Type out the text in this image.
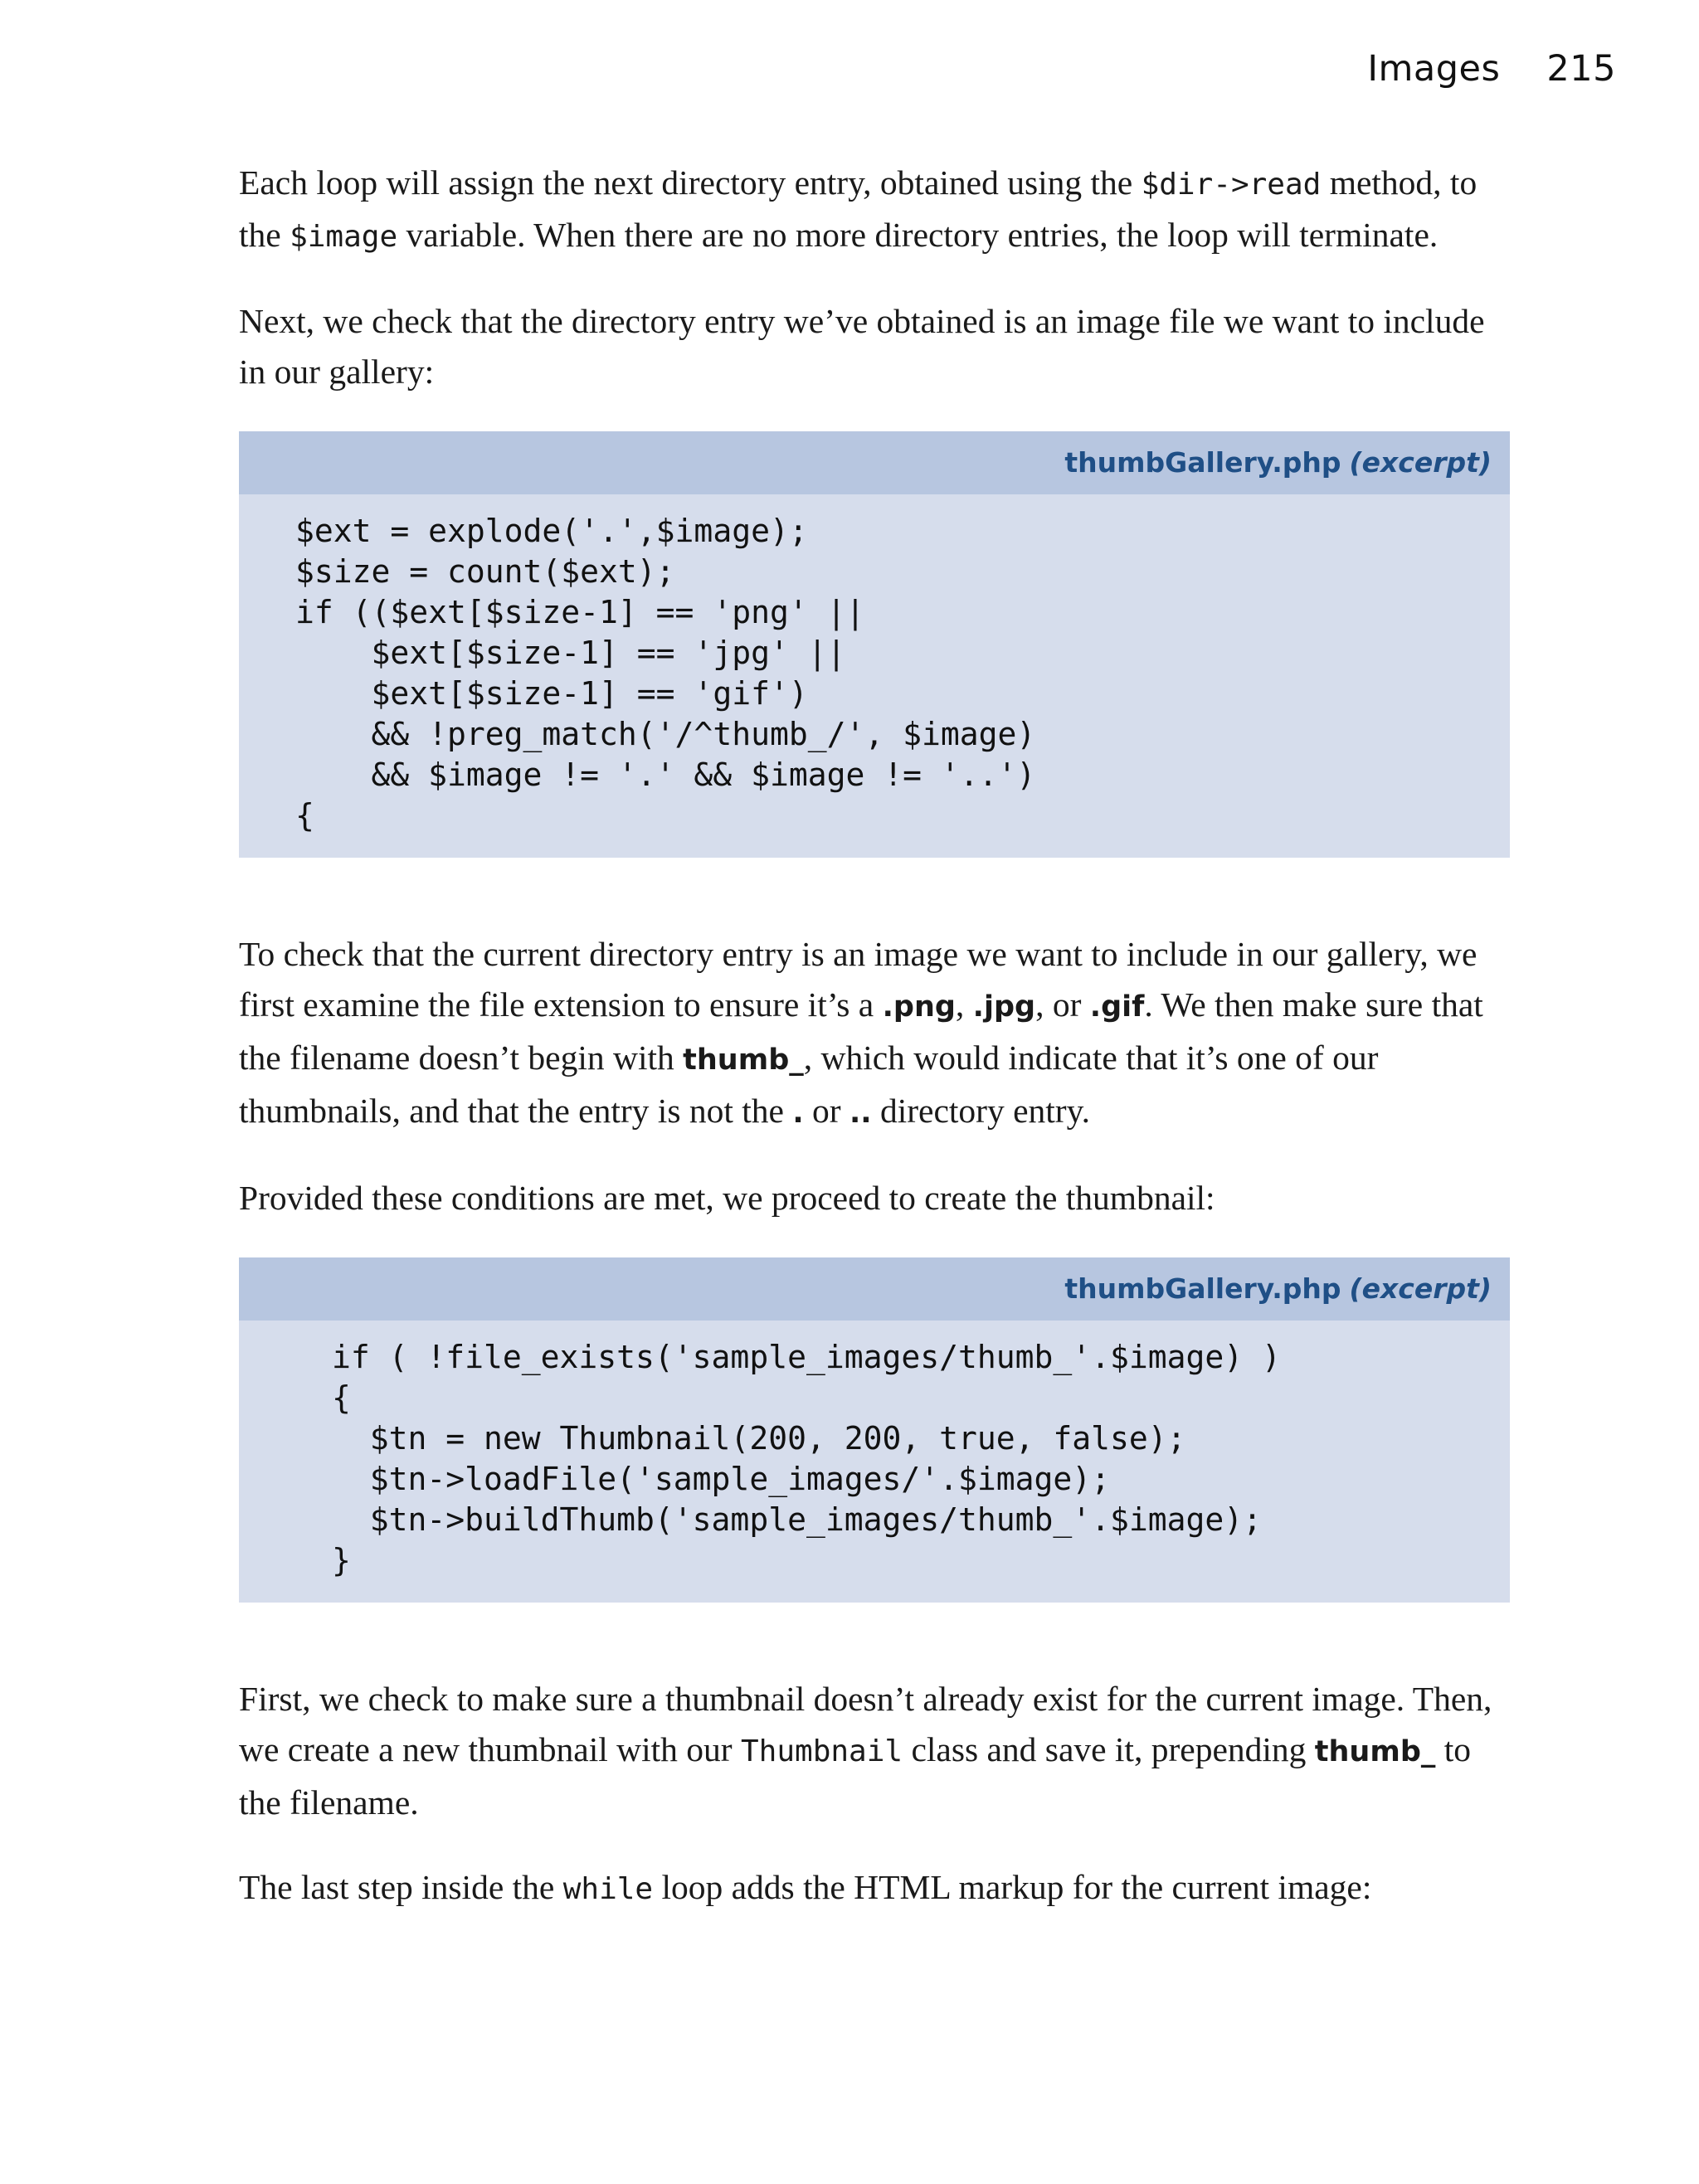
Images 215

Each loop will assign the next directory entry, obtained using the $dir->read method, to the $image variable. When there are no more directory entries, the loop will terminate.

Next, we check that the directory entry we’ve obtained is an image file we want to include in our gallery:

thumbGallery.php (excerpt)
$ext = explode('.',$image);
$size = count($ext);
if (($ext[$size-1] == 'png' ||
$ext[$size-1] == 'jpg' ||
$ext[$size-1] == 'gif')
&& !preg_match('/^thumb_/', $image)
&& $image != '.' && $image != '..')
{

To check that the current directory entry is an image we want to include in our gallery, we first examine the file extension to ensure it’s a .png, .jpg, or .gif. We then make sure that the filename doesn’t begin with thumb_, which would indicate that it’s one of our thumbnails, and that the entry is not the . or .. directory entry.

Provided these conditions are met, we proceed to create the thumbnail:

thumbGallery.php (excerpt)
if ( !file_exists('sample_images/thumb_'.$image) )
{
$tn = new Thumbnail(200, 200, true, false);
$tn->loadFile('sample_images/'.$image);
$tn->buildThumb('sample_images/thumb_'.$image);
}

First, we check to make sure a thumbnail doesn’t already exist for the current image. Then, we create a new thumbnail with our Thumbnail class and save it, prepending thumb_ to the filename.

The last step inside the while loop adds the HTML markup for the current image:
